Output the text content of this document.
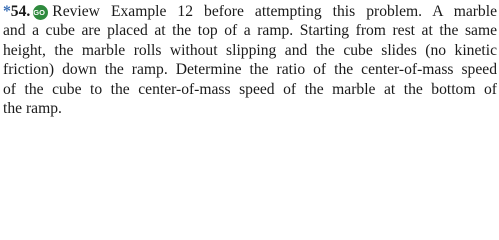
*54. GO Review Example 12 before attempting this problem. A marble
and a cube are placed at the top of a ramp. Starting from rest at the same
height, the marble rolls without slipping and the cube slides (no kinetic
friction) down the ramp. Determine the ratio of the center-of-mass speed
of the cube to the center-of-mass speed of the marble at the bottom of
the ramp.
